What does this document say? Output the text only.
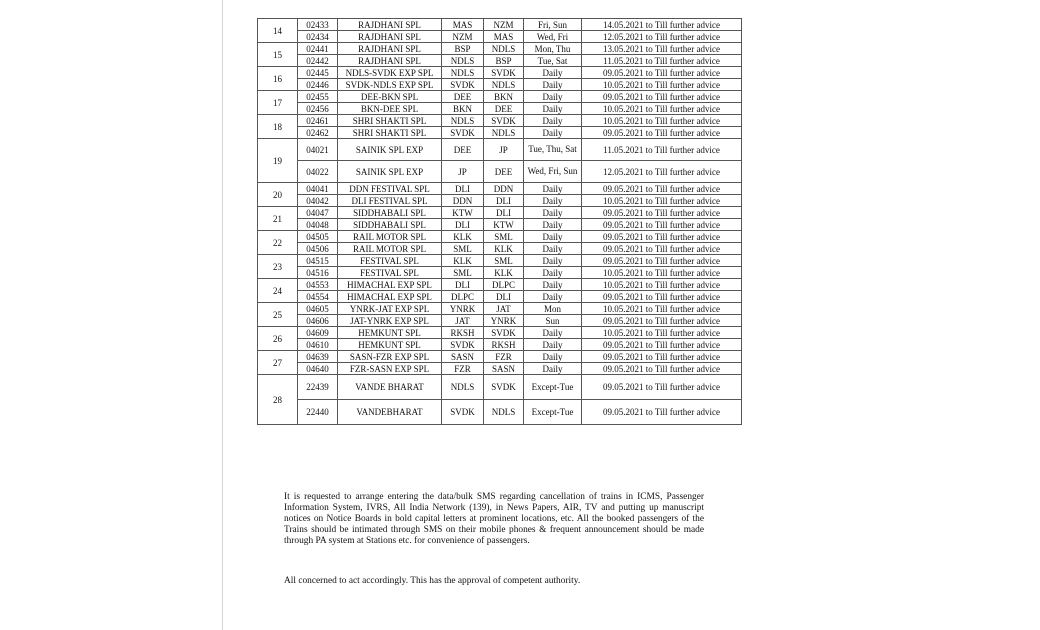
14	02433	RAJDHANI SPL	MAS	NZM	Fri, Sun	14.05.2021 to Till further advice
	02434	RAJDHANI SPL	NZM	MAS	Wed, Fri	12.05.2021 to Till further advice
15	02441	RAJDHANI SPL	BSP	NDLS	Mon, Thu	13.05.2021 to Till further advice
	02442	RAJDHANI SPL	NDLS	BSP	Tue, Sat	11.05.2021 to Till further advice
16	02445	NDLS-SVDK EXP SPL	NDLS	SVDK	Daily	09.05.2021 to Till further advice
	02446	SVDK-NDLS EXP SPL	SVDK	NDLS	Daily	10.05.2021 to Till further advice
17	02455	DEE-BKN SPL	DEE	BKN	Daily	09.05.2021 to Till further advice
	02456	BKN-DEE SPL	BKN	DEE	Daily	10.05.2021 to Till further advice
18	02461	SHRI SHAKTI SPL	NDLS	SVDK	Daily	10.05.2021 to Till further advice
	02462	SHRI SHAKTI SPL	SVDK	NDLS	Daily	09.05.2021 to Till further advice
19	04021	SAINIK SPL EXP	DEE	JP	Tue, Thu, Sat	11.05.2021 to Till further advice
	04022	SAINIK SPL EXP	JP	DEE	Wed, Fri, Sun	12.05.2021 to Till further advice
20	04041	DDN FESTIVAL SPL	DLI	DDN	Daily	09.05.2021 to Till further advice
	04042	DLI FESTIVAL SPL	DDN	DLI	Daily	10.05.2021 to Till further advice
21	04047	SIDDHABALI SPL	KTW	DLI	Daily	09.05.2021 to Till further advice
	04048	SIDDHABALI SPL	DLI	KTW	Daily	09.05.2021 to Till further advice
22	04505	RAIL MOTOR SPL	KLK	SML	Daily	09.05.2021 to Till further advice
	04506	RAIL MOTOR SPL	SML	KLK	Daily	09.05.2021 to Till further advice
23	04515	FESTIVAL SPL	KLK	SML	Daily	09.05.2021 to Till further advice
	04516	FESTIVAL SPL	SML	KLK	Daily	10.05.2021 to Till further advice
24	04553	HIMACHAL EXP SPL	DLI	DLPC	Daily	10.05.2021 to Till further advice
	04554	HIMACHAL EXP SPL	DLPC	DLI	Daily	09.05.2021 to Till further advice
25	04605	YNRK-JAT EXP SPL	YNRK	JAT	Mon	10.05.2021 to Till further advice
	04606	JAT-YNRK EXP SPL	JAT	YNRK	Sun	09.05.2021 to Till further advice
26	04609	HEMKUNT SPL	RKSH	SVDK	Daily	10.05.2021 to Till further advice
	04610	HEMKUNT SPL	SVDK	RKSH	Daily	09.05.2021 to Till further advice
27	04639	SASN-FZR EXP SPL	SASN	FZR	Daily	09.05.2021 to Till further advice
	04640	FZR-SASN EXP SPL	FZR	SASN	Daily	09.05.2021 to Till further advice
28	22439	VANDE BHARAT	NDLS	SVDK	Except-Tue	09.05.2021 to Till further advice
	22440	VANDEBHARAT	SVDK	NDLS	Except-Tue	09.05.2021 to Till further advice
It is requested to arrange entering the data/bulk SMS regarding cancellation of trains in ICMS, Passenger Information System, IVRS, All India Network (139), in News Papers, AIR, TV and putting up manuscript notices on Notice Boards in bold capital letters at prominent locations, etc. All the booked passengers of the Trains should be intimated through SMS on their mobile phones & frequent announcement should be made through PA system at Stations etc. for convenience of passengers.
All concerned to act accordingly. This has the approval of competent authority.
